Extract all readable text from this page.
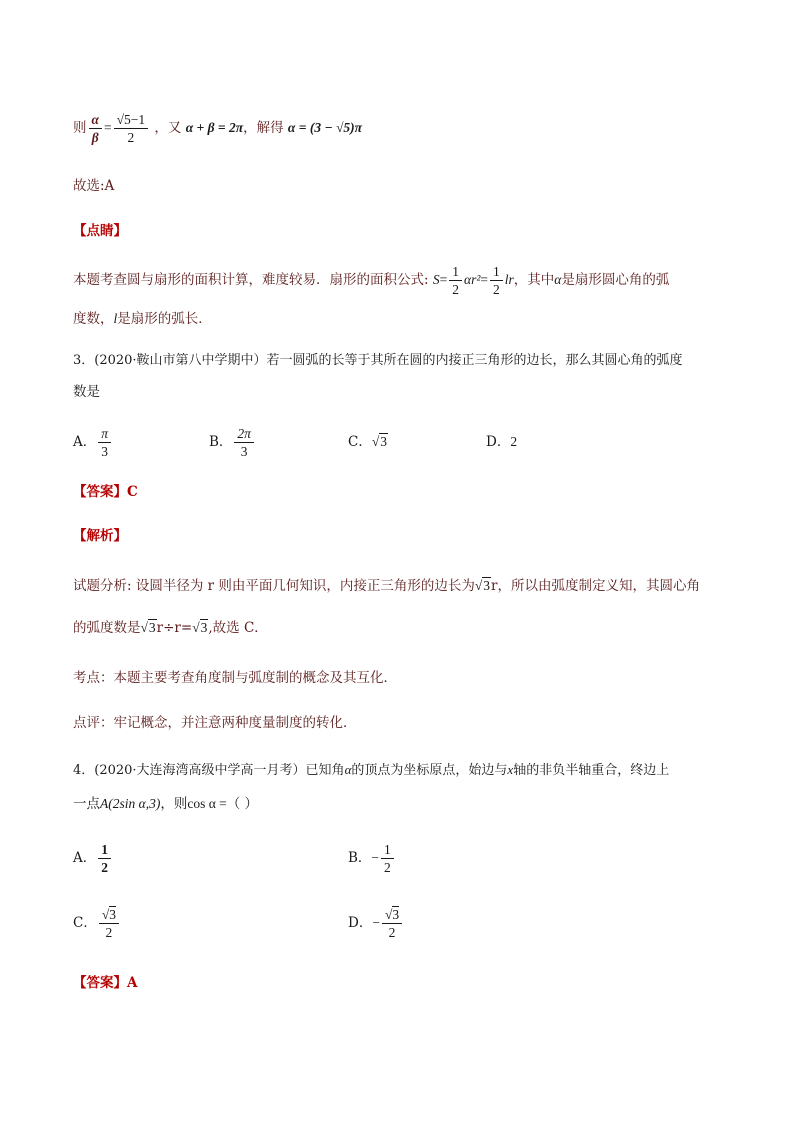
则 $\frac{\alpha}{\beta} = \frac{√5-1}{2}$ ，又 α + β = 2π，解得 α = (3 − √5)π
故选:A
【点睛】
本题考查圆与扇形的面积计算，难度较易．扇形的面积公式: $S= \frac{1}{2} \alpha r^2= \frac{1}{2}$ lr，其中α是扇形圆心角的弧
度数，l是扇形的弧长．
3．(2020·鞍山市第八中学期中）若一圆弧的长等于其所在圆的内接正三角形的边长，那么其圆心角的弧度
数是
A． $\frac{\pi}{3}$	B． $\frac{2\pi}{3}$	C．√3	D．2
【答案】C
【解析】
试题分析: 设圆半径为 r 则由平面几何知识，内接正三角形的边长为√3r，所以由弧度制定义知，其圆心角
的弧度数是√3r÷r=√3,故选 C．
考点：本题主要考查角度制与弧度制的概念及其互化．
点评：牢记概念，并注意两种度量制度的转化．
4．(2020·大连海湾高级中学高一月考）已知角α的顶点为坐标原点，始边与x轴的非负半轴重合，终边上
一点A(2sin α,3)，则cos α =（ ）
A． $\frac{1}{2}$	B．− $\frac{1}{2}$
C． $\frac{√3}{2}$	D．− $\frac{√3}{2}$
【答案】A
